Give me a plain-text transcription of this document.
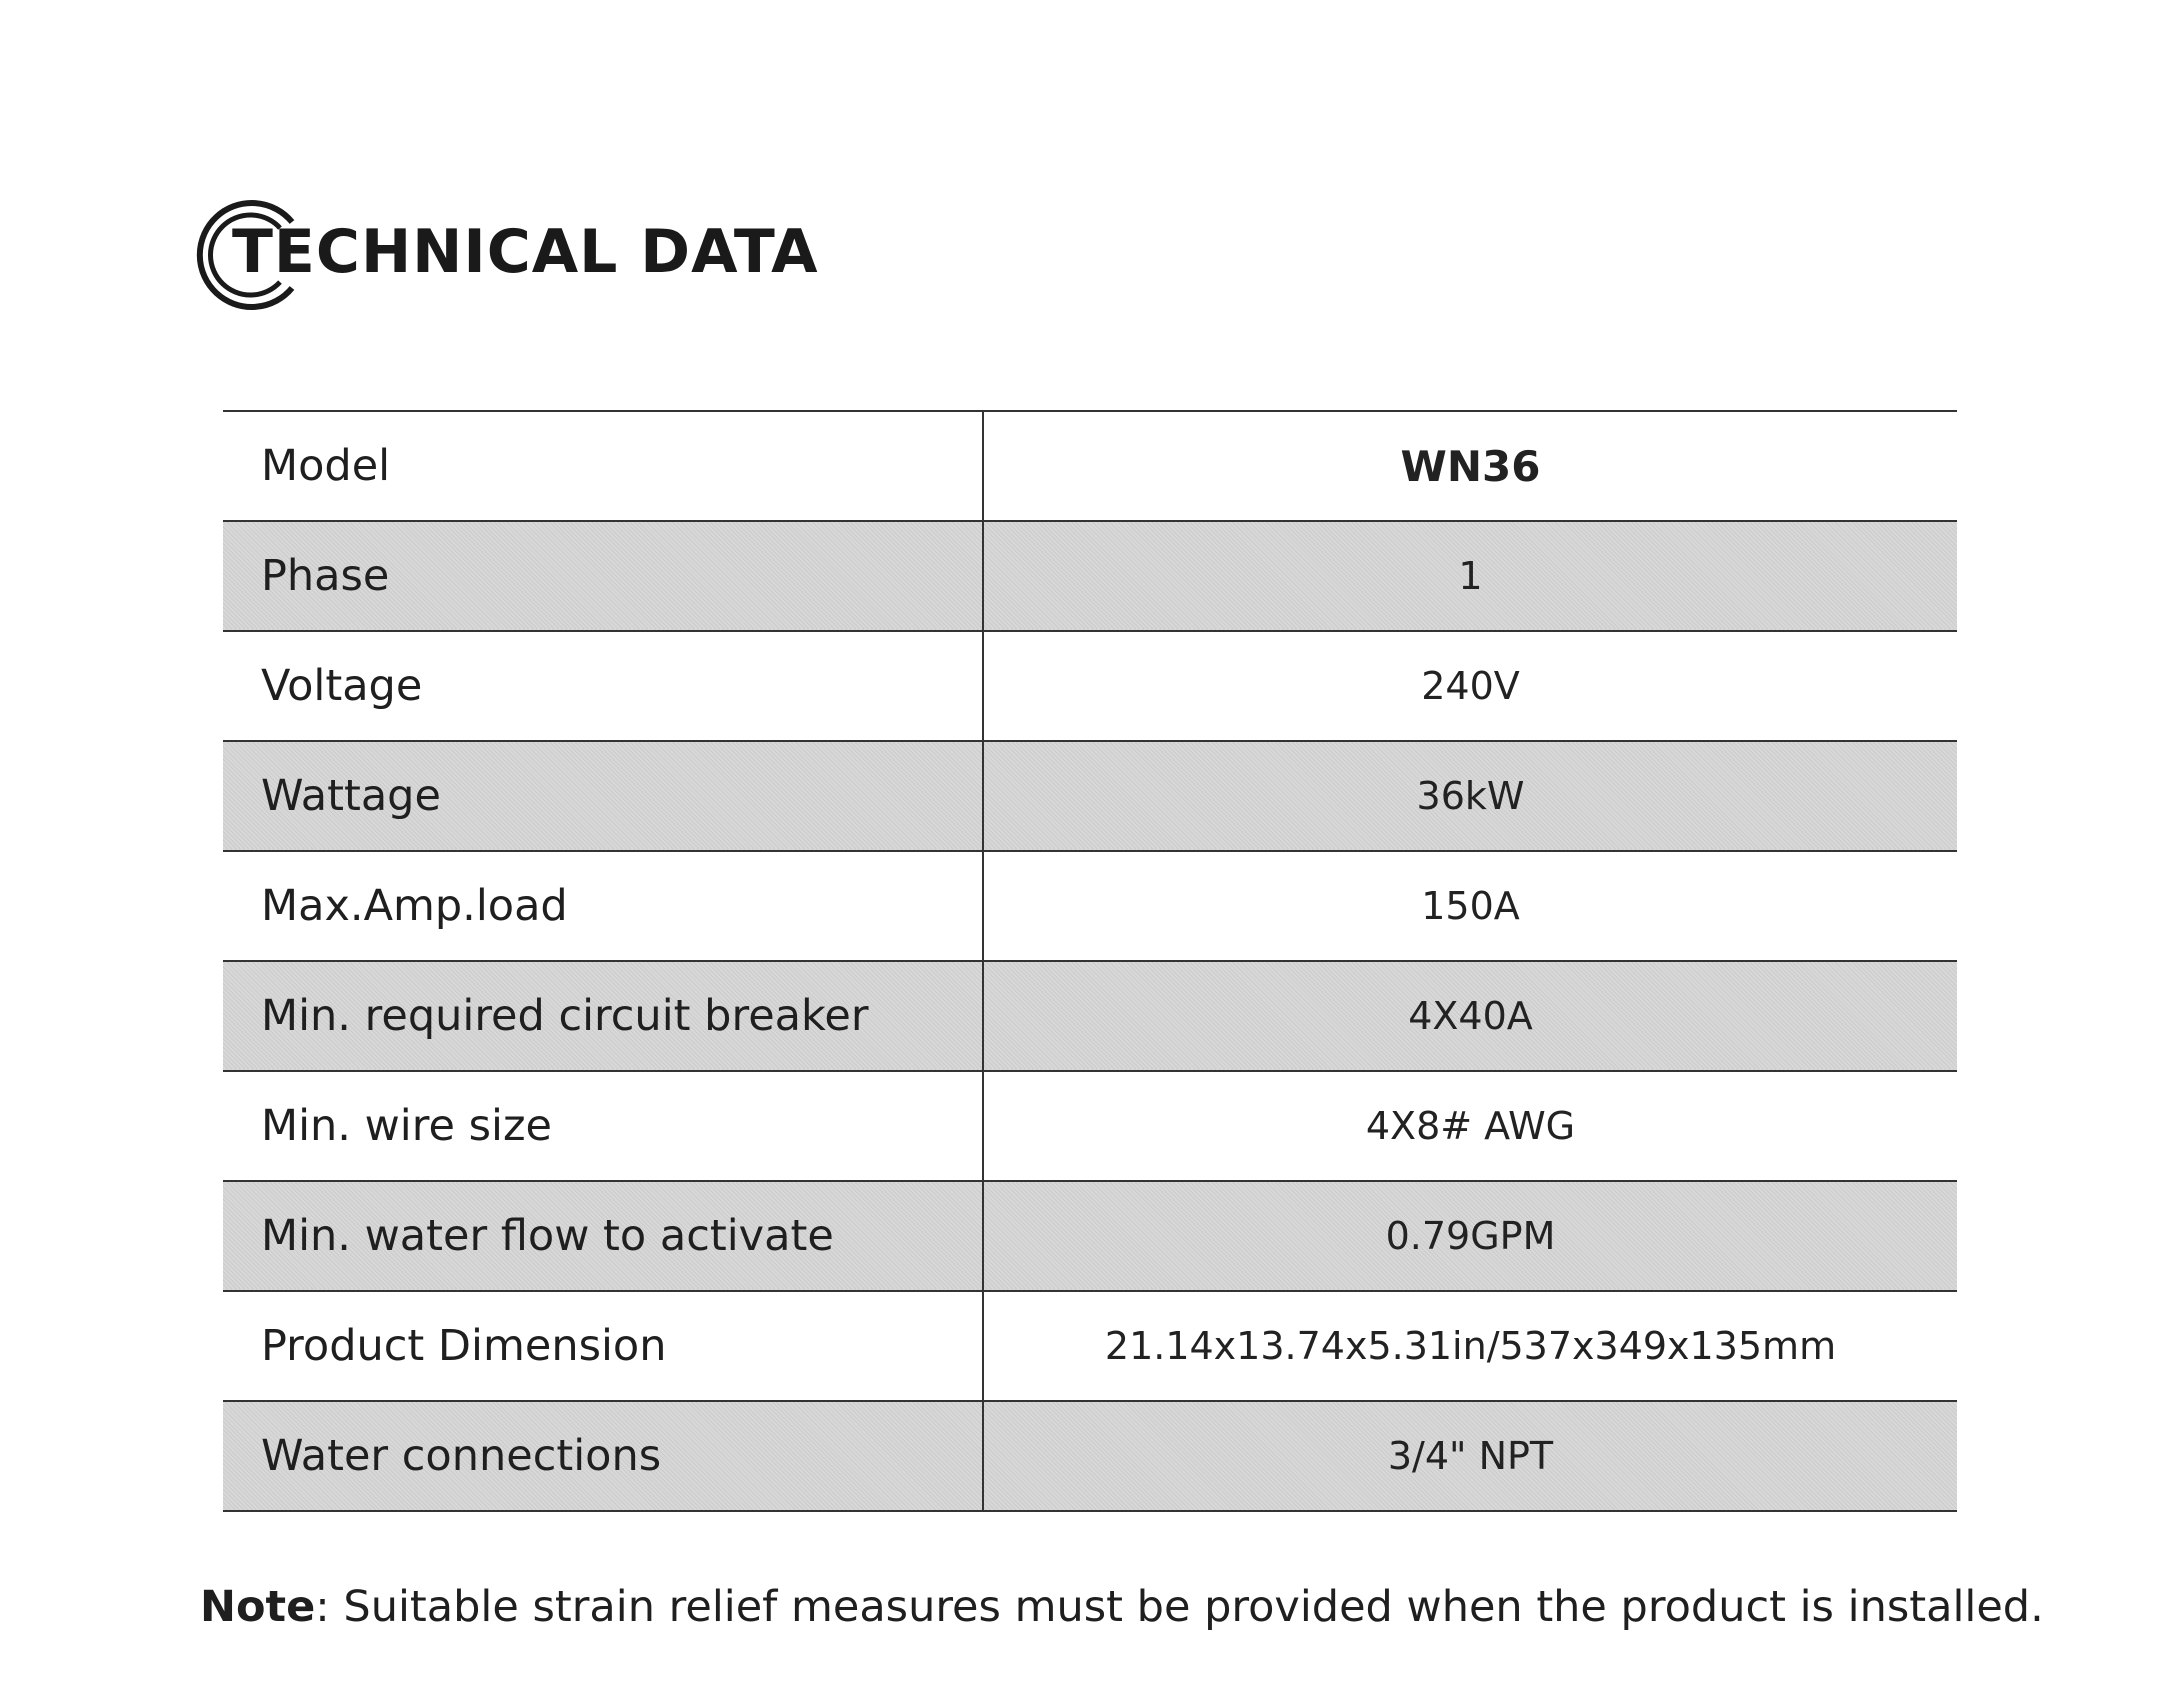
TECHNICAL DATA
Model	WN36
Phase	1
Voltage	240V
Wattage	36kW
Max.Amp.load	150A
Min. required circuit breaker	4X40A
Min. wire size	4X8# AWG
Min. water flow to activate	0.79GPM
Product Dimension	21.14x13.74x5.31in/537x349x135mm
Water connections	3/4" NPT
Note: Suitable strain relief measures must be provided when the product is installed.
